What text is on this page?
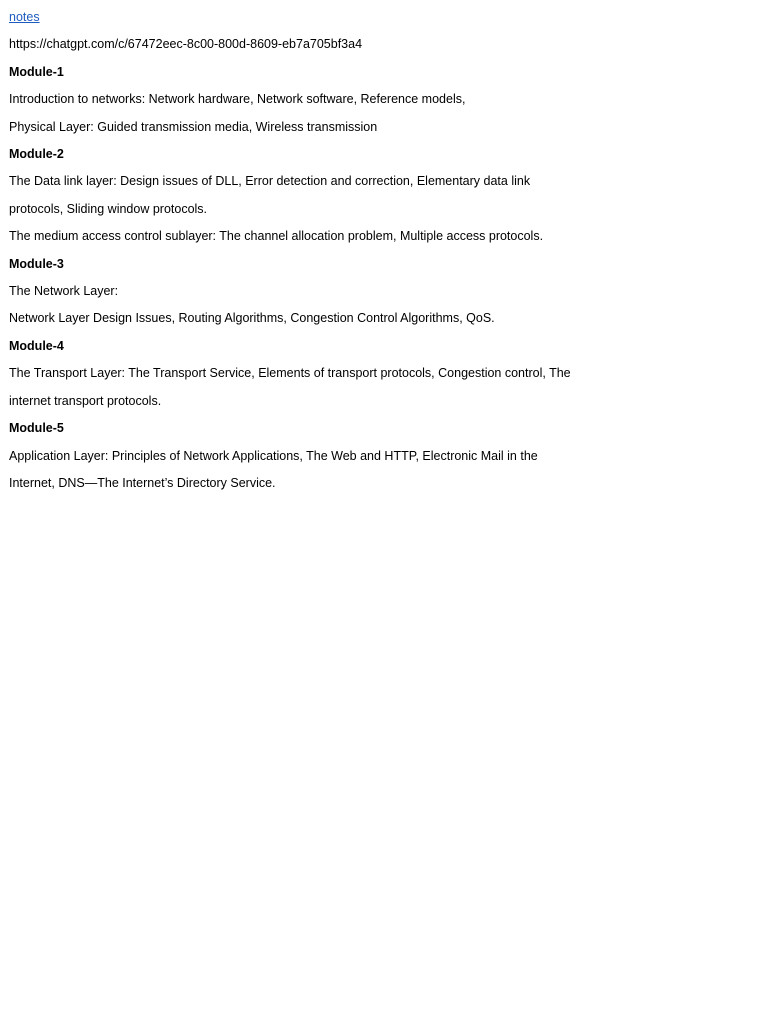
notes
https://chatgpt.com/c/67472eec-8c00-800d-8609-eb7a705bf3a4
Module-1
Introduction to networks: Network hardware, Network software, Reference models,
Physical Layer: Guided transmission media, Wireless transmission
Module-2
The Data link layer: Design issues of DLL, Error detection and correction, Elementary data link
protocols, Sliding window protocols.
The medium access control sublayer: The channel allocation problem, Multiple access protocols.
Module-3
The Network Layer:
Network Layer Design Issues, Routing Algorithms, Congestion Control Algorithms, QoS.
Module-4
The Transport Layer: The Transport Service, Elements of transport protocols, Congestion control, The
internet transport protocols.
Module-5
Application Layer: Principles of Network Applications, The Web and HTTP, Electronic Mail in the
Internet, DNS—The Internet’s Directory Service.
